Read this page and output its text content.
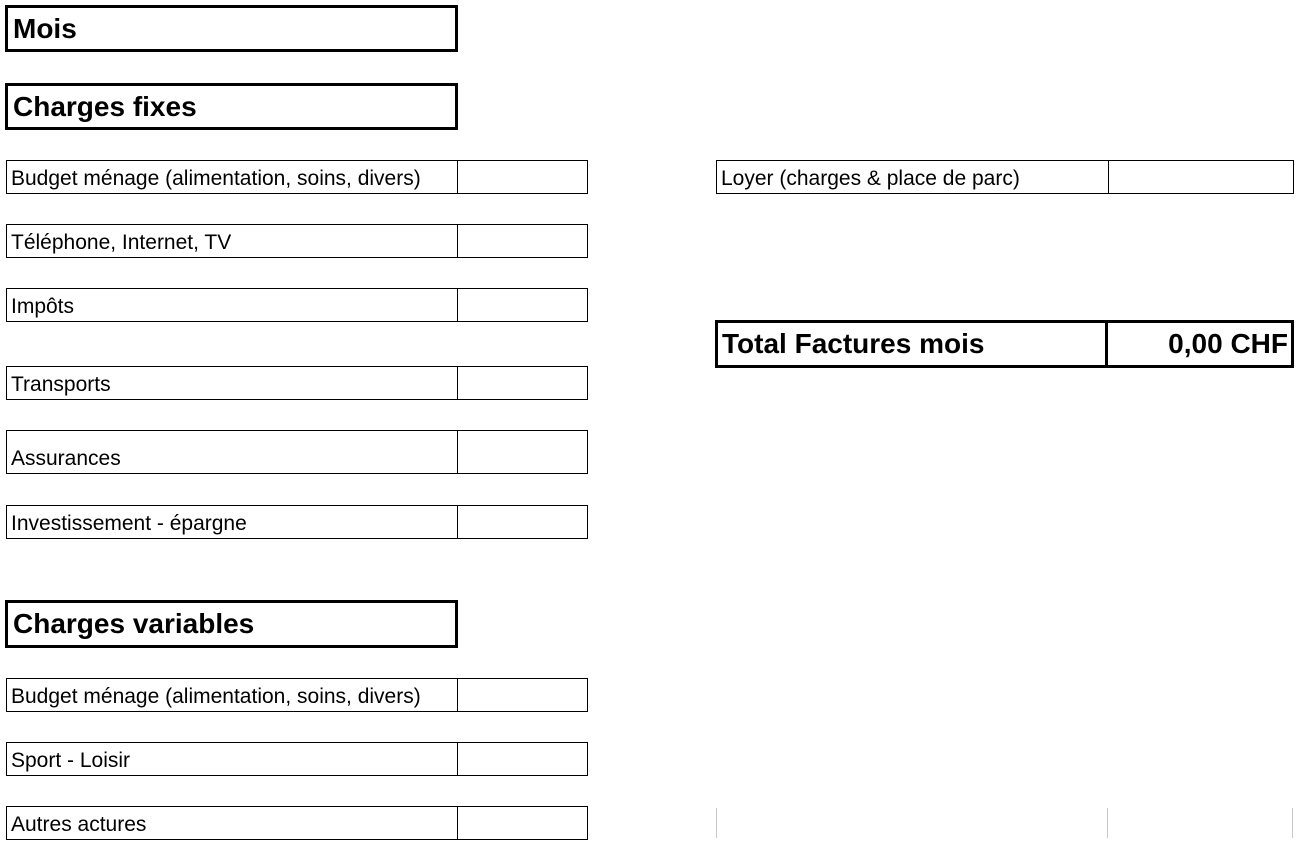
Mois
Charges fixes
Budget ménage (alimentation, soins, divers)
Téléphone, Internet, TV
Impôts
Transports
Assurances
Investissement - épargne
Loyer (charges & place de parc)
Total Factures mois	0,00 CHF
Charges variables
Budget ménage (alimentation, soins, divers)
Sport - Loisir
Autres actures
